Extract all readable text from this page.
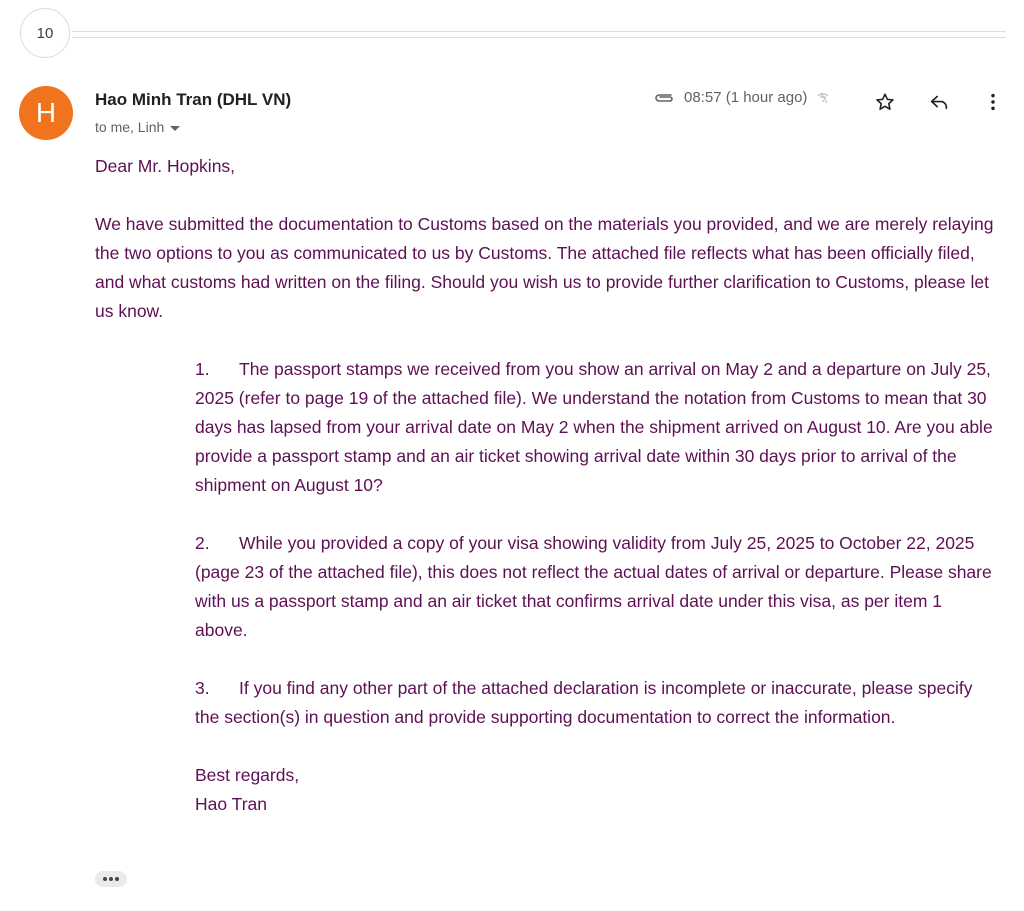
10
H	Hao Minh Tran (DHL VN)
to me, Linh
08:57 (1 hour ago)

Dear Mr. Hopkins,

We have submitted the documentation to Customs based on the materials you provided, and we are merely relaying the two options to you as communicated to us by Customs. The attached file reflects what has been officially filed, and what customs had written on the filing. Should you wish us to provide further clarification to Customs, please let us know.

1. The passport stamps we received from you show an arrival on May 2 and a departure on July 25, 2025 (refer to page 19 of the attached file). We understand the notation from Customs to mean that 30 days has lapsed from your arrival date on May 2 when the shipment arrived on August 10. Are you able provide a passport stamp and an air ticket showing arrival date within 30 days prior to arrival of the shipment on August 10?

2. While you provided a copy of your visa showing validity from July 25, 2025 to October 22, 2025 (page 23 of the attached file), this does not reflect the actual dates of arrival or departure. Please share with us a passport stamp and an air ticket that confirms arrival date under this visa, as per item 1 above.

3. If you find any other part of the attached declaration is incomplete or inaccurate, please specify the section(s) in question and provide supporting documentation to correct the information.

Best regards,
Hao Tran
